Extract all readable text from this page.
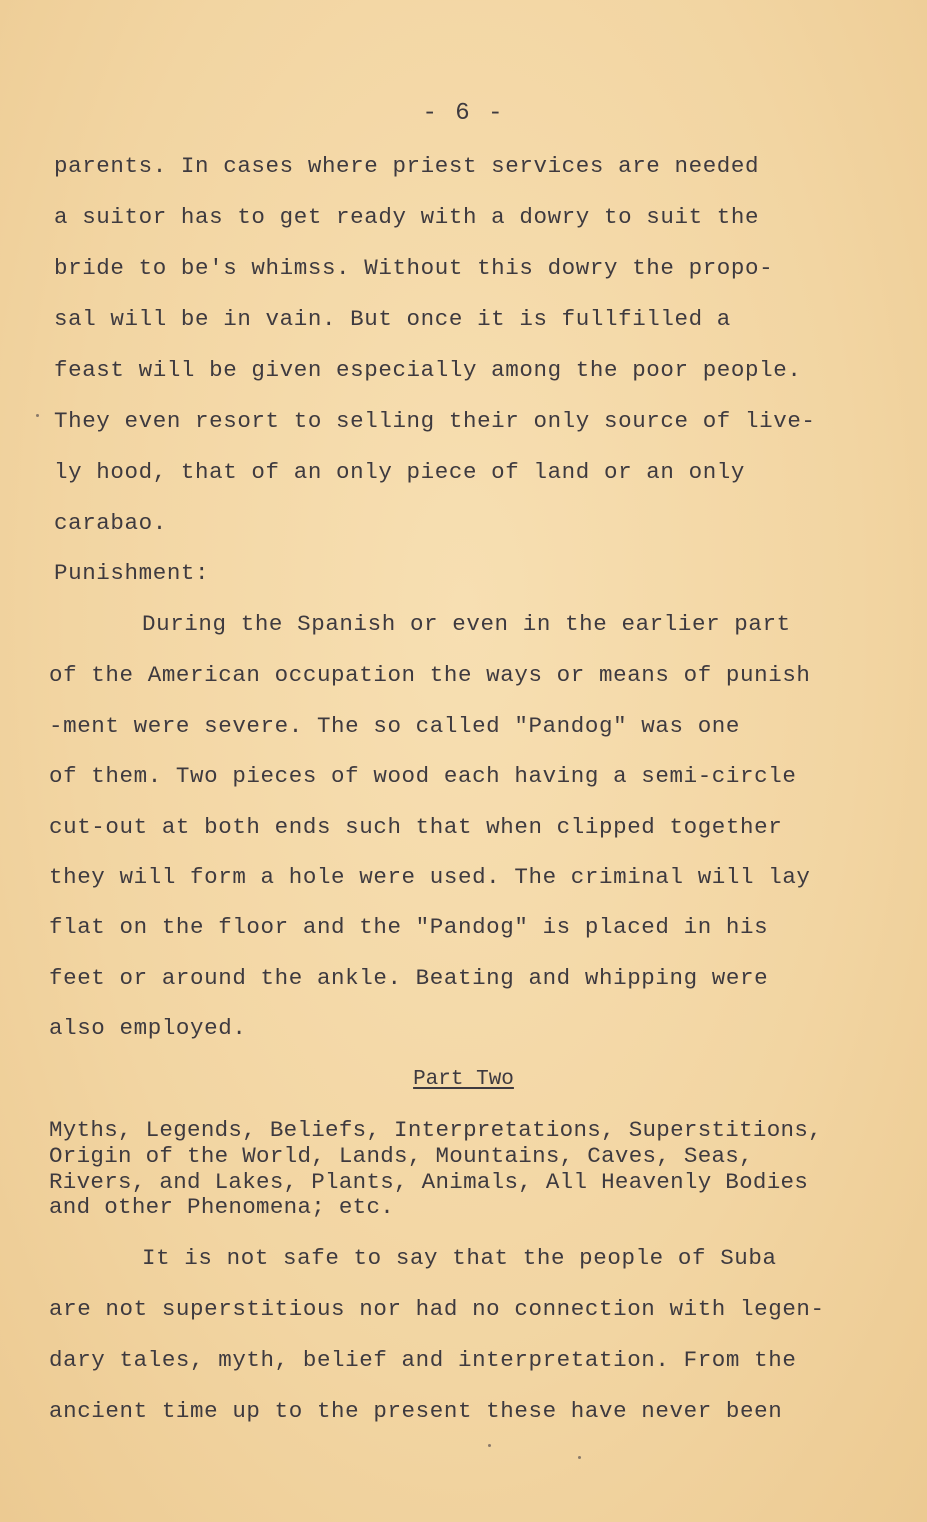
- 6 -
parents. In cases where priest services are needed
a suitor has to get ready with a dowry to suit the
bride to be's whimss. Without this dowry the propo-
sal will be in vain. But once it is fullfilled a
feast will be given especially among the poor people.
They even resort to selling their only source of live-
ly hood, that of an only piece of land or an only
carabao.
Punishment:
During the Spanish or even in the earlier part
of the American occupation the ways or means of punish
-ment were severe. The so called "Pandog" was one
of them. Two pieces of wood each having a semi-circle
cut-out at both ends such that when clipped together
they will form a hole were used. The criminal will lay
flat on the floor and the "Pandog" is placed in his
feet or around the ankle. Beating and whipping were
also employed.
Part Two
Myths, Legends, Beliefs, Interpretations, Superstitions,
Origin of the World, Lands, Mountains, Caves, Seas,
Rivers, and Lakes, Plants, Animals, All Heavenly Bodies
and other Phenomena; etc.
It is not safe to say that the people of Suba
are not superstitious nor had no connection with legen-
dary tales, myth, belief and interpretation. From the
ancient time up to the present these have never been
